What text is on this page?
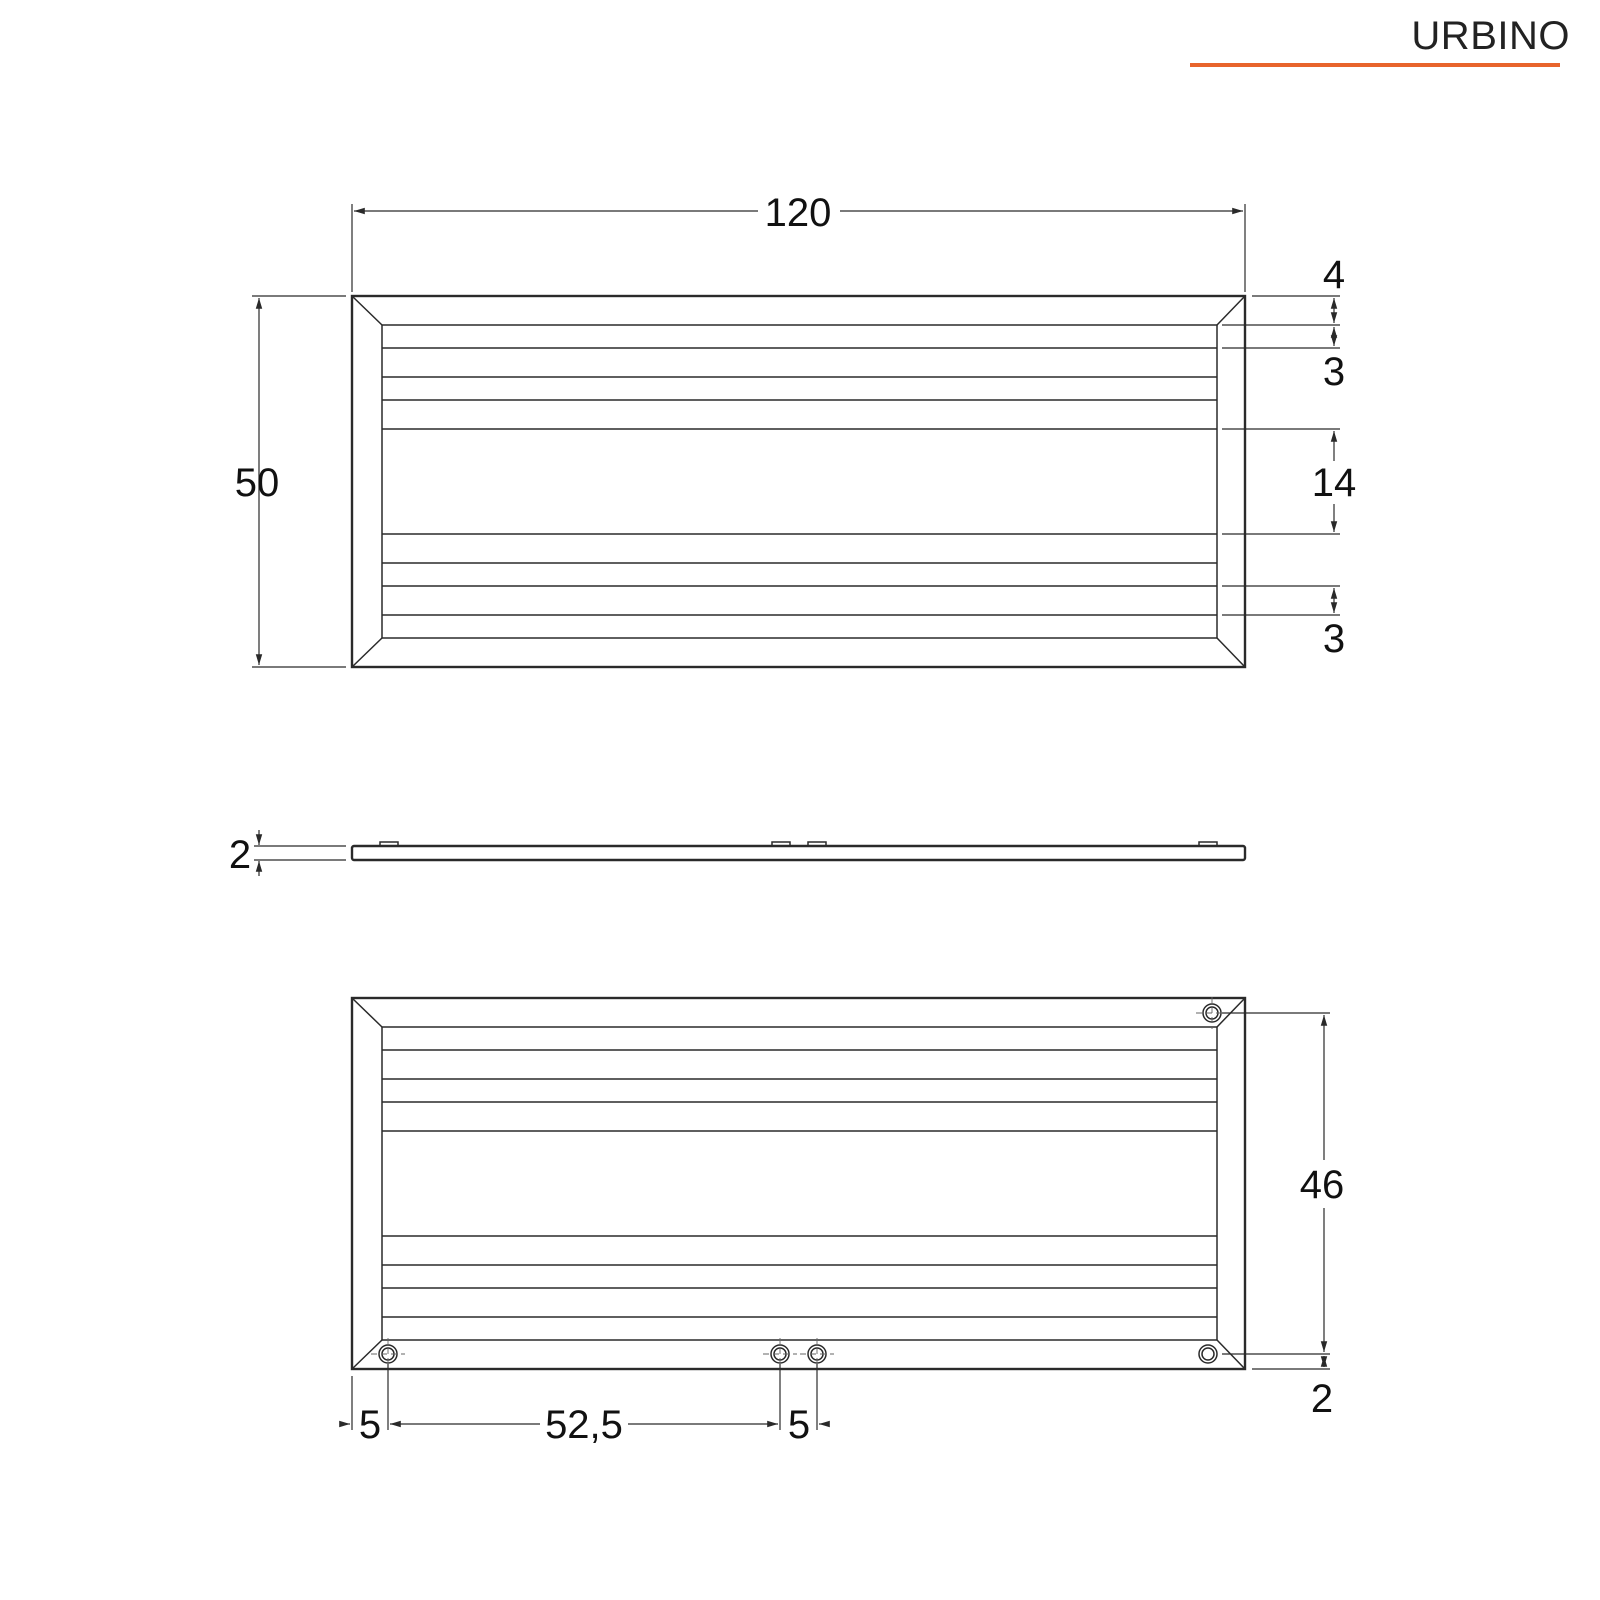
URBINO
120
50
4
3
14
3
2
46
2
5	52,5	5
